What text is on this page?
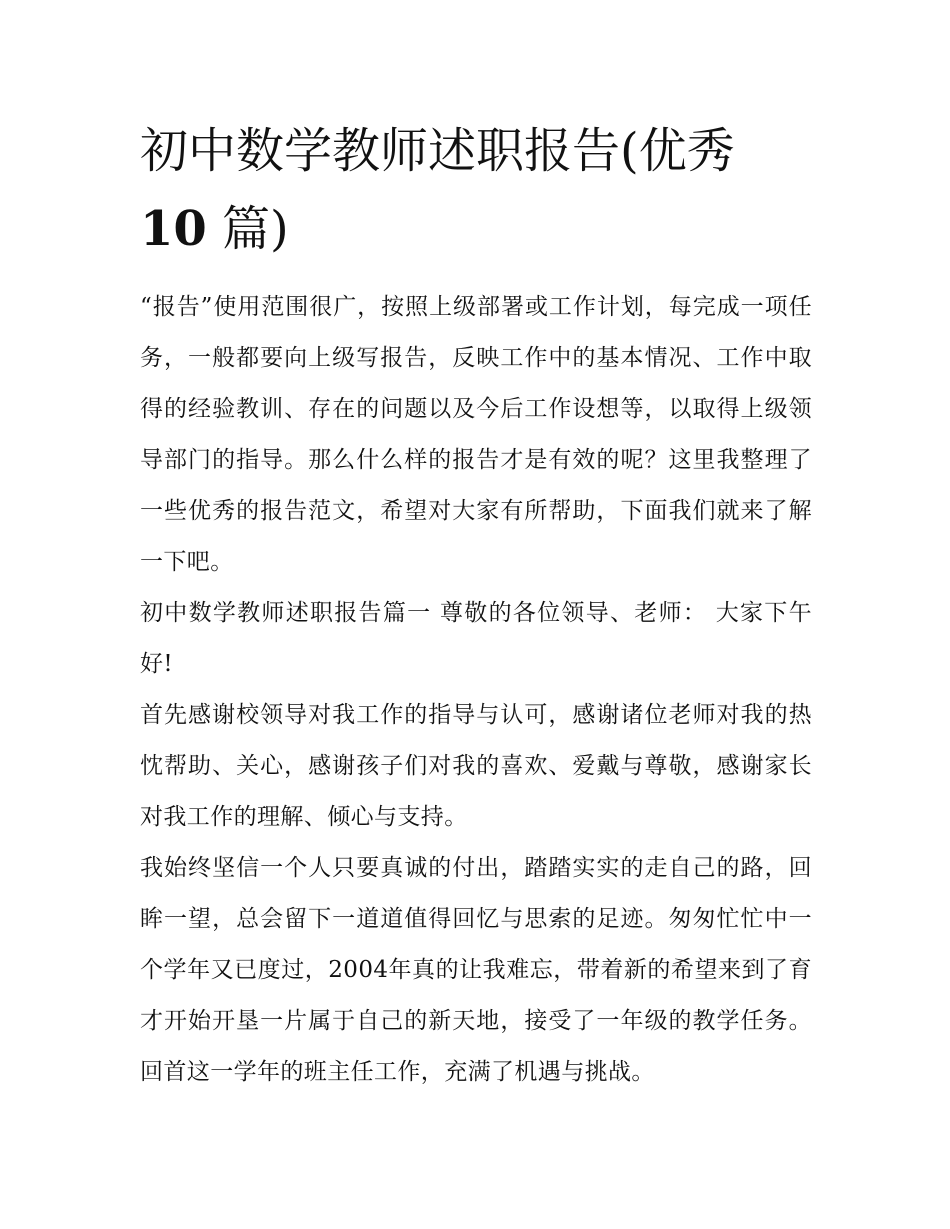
初中数学教师述职报告(优秀
10 篇)

“报告”使用范围很广，按照上级部署或工作计划，每完成一项任务，一般都要向上级写报告，反映工作中的基本情况、工作中取得的经验教训、存在的问题以及今后工作设想等，以取得上级领导部门的指导。那么什么样的报告才是有效的呢？这里我整理了一些优秀的报告范文，希望对大家有所帮助，下面我们就来了解一下吧。

初中数学教师述职报告篇一 尊敬的各位领导、老师： 大家下午好!

首先感谢校领导对我工作的指导与认可，感谢诸位老师对我的热忱帮助、关心，感谢孩子们对我的喜欢、爱戴与尊敬，感谢家长对我工作的理解、倾心与支持。

我始终坚信一个人只要真诚的付出，踏踏实实的走自己的路，回眸一望，总会留下一道道值得回忆与思索的足迹。匆匆忙忙中一个学年又已度过，2004年真的让我难忘，带着新的希望来到了育才开始开垦一片属于自己的新天地，接受了一年级的教学任务。回首这一学年的班主任工作，充满了机遇与挑战。
